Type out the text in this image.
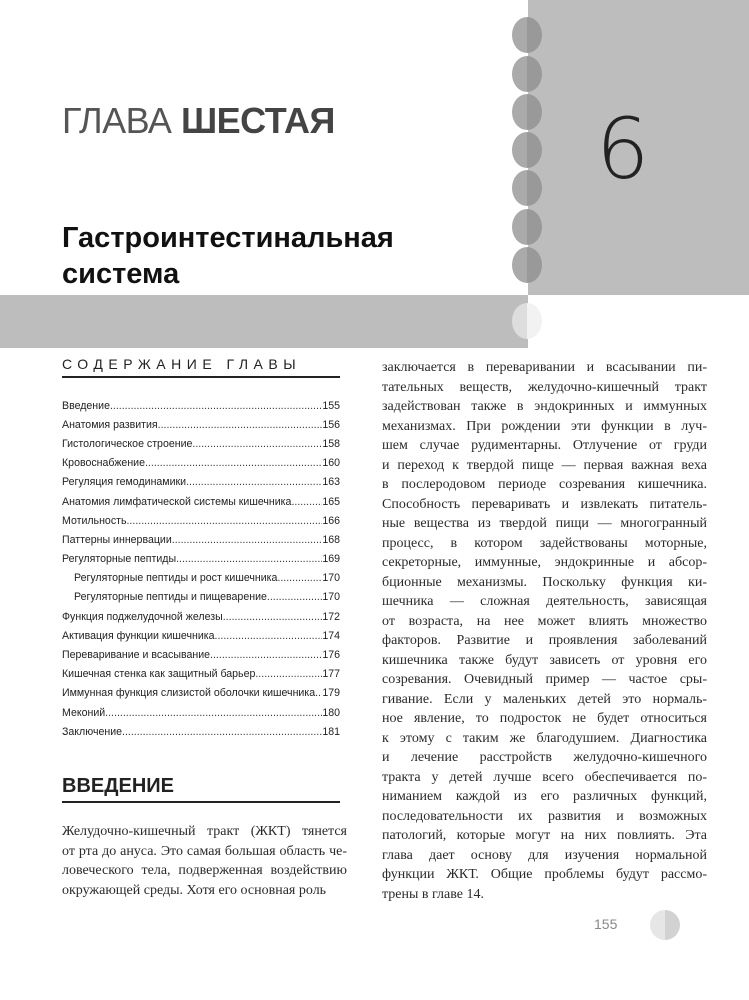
ГЛАВА ШЕСТАЯ	6
Гастроинтестинальная
система
СОДЕРЖАНИЕ ГЛАВЫ
Введение .....	155
Анатомия развития .....	156
Гистологическое строение .....	158
Кровоснабжение .....	160
Регуляция гемодинамики .....	163
Анатомия лимфатической системы кишечника .....	165
Мотильность .....	166
Паттерны иннервации .....	168
Регуляторные пептиды .....	169
Регуляторные пептиды и рост кишечника .....	170
Регуляторные пептиды и пищеварение .....	170
Функция поджелудочной железы .....	172
Активация функции кишечника .....	174
Переваривание и всасывание .....	176
Кишечная стенка как защитный барьер .....	177
Иммунная функция слизистой оболочки кишечника ..... 179
Меконий .....	180
Заключение .....	181
ВВЕДЕНИЕ
Желудочно-кишечный тракт (ЖКТ) тянется
от рта до ануса. Это самая большая область че-
ловеческого тела, подверженная воздействию
окружающей среды. Хотя его основная роль
заключается в переваривании и всасывании пи-
тательных веществ, желудочно-кишечный тракт
задействован также в эндокринных и иммунных
механизмах. При рождении эти функции в луч-
шем случае рудиментарны. Отлучение от груди
и переход к твердой пище — первая важная веха
в послеродовом периоде созревания кишечника.
Способность переваривать и извлекать питатель-
ные вещества из твердой пищи — многогранный
процесс, в котором задействованы моторные,
секреторные, иммунные, эндокринные и абсор-
бционные механизмы. Поскольку функция ки-
шечника — сложная деятельность, зависящая
от возраста, на нее может влиять множество
факторов. Развитие и проявления заболеваний
кишечника также будут зависеть от уровня его
созревания. Очевидный пример — частое сры-
гивание. Если у маленьких детей это нормаль-
ное явление, то подросток не будет относиться
к этому с таким же благодушием. Диагностика
и лечение расстройств желудочно-кишечного
тракта у детей лучше всего обеспечивается по-
ниманием каждой из его различных функций,
последовательности их развития и возможных
патологий, которые могут на них повлиять. Эта
глава дает основу для изучения нормальной
функции ЖКТ. Общие проблемы будут рассмо-
трены в главе 14.
155
